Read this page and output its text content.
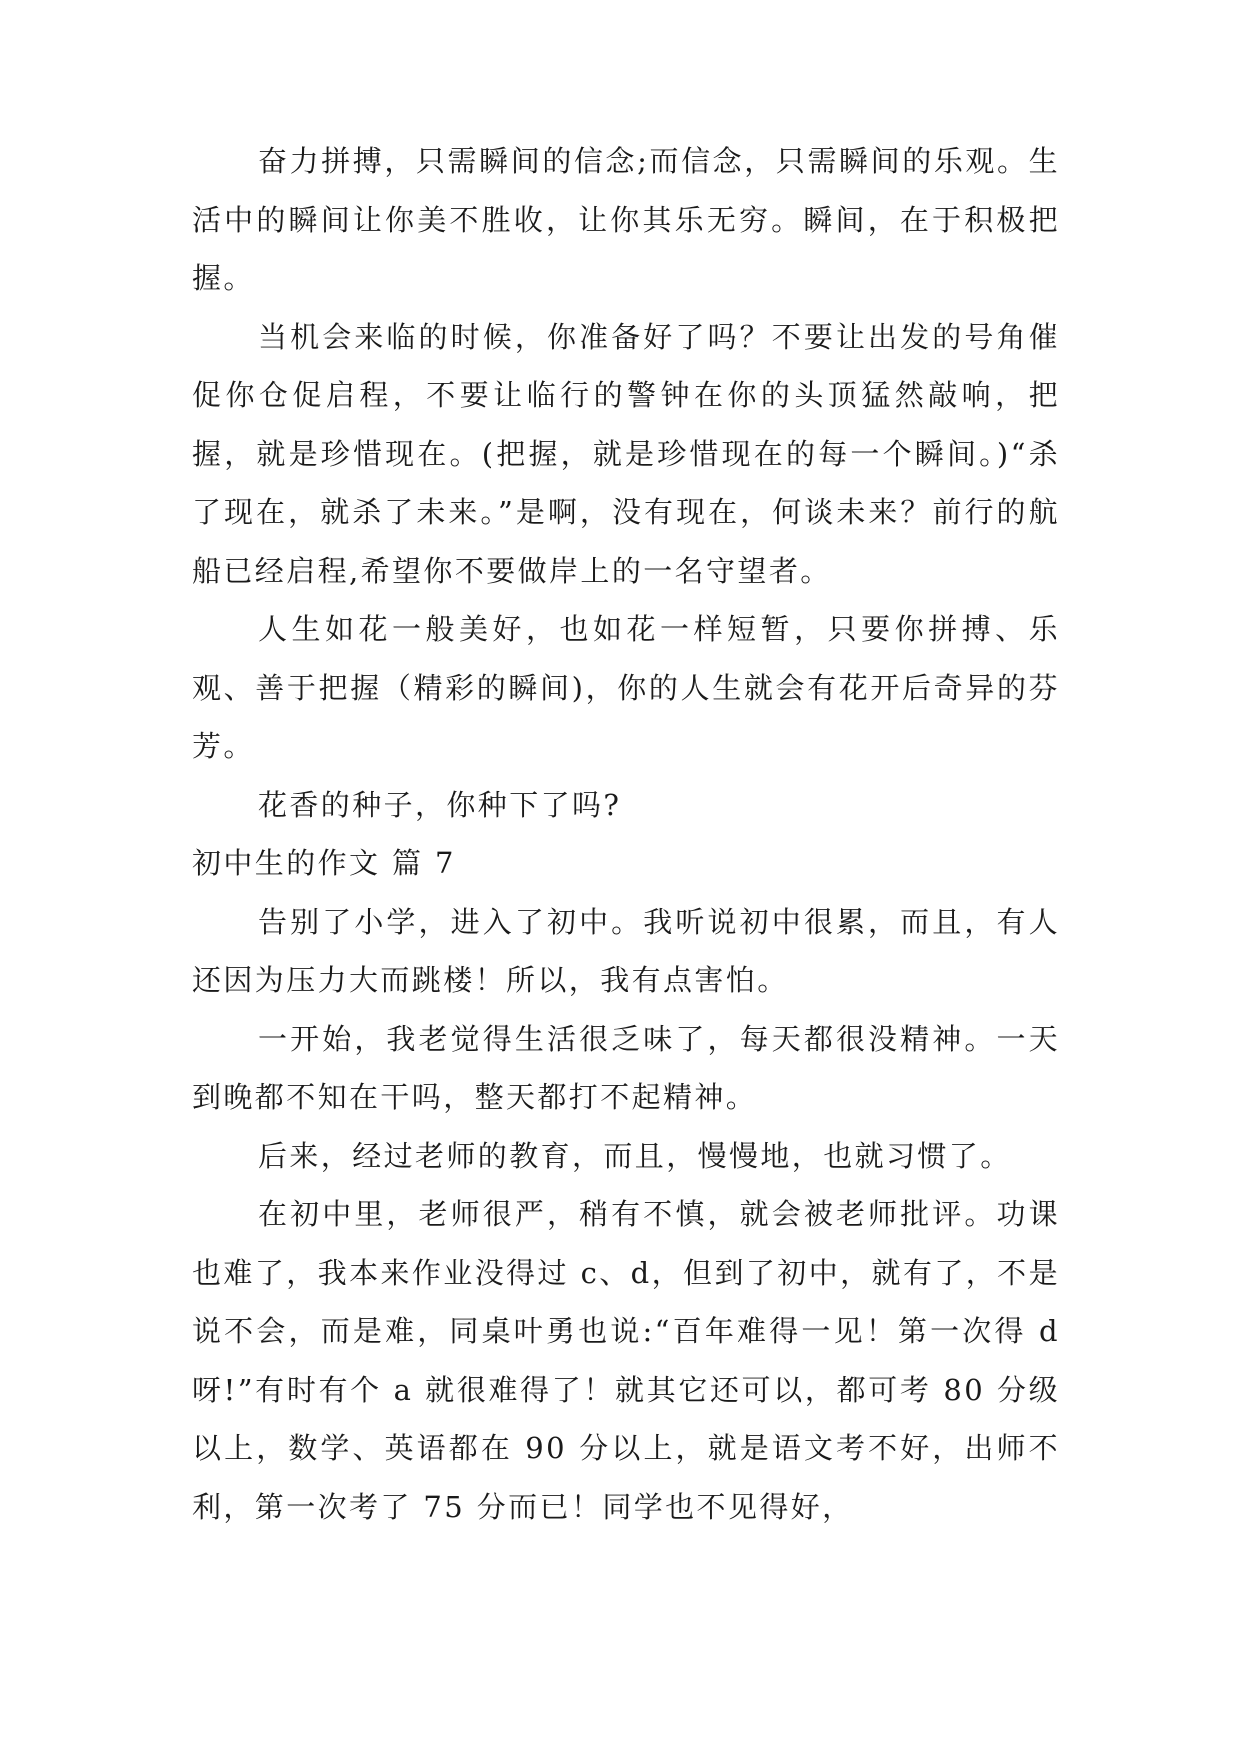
奋力拼搏，只需瞬间的信念;而信念，只需瞬间的乐观。生活中的瞬间让你美不胜收，让你其乐无穷。瞬间，在于积极把握。

当机会来临的时候，你准备好了吗？不要让出发的号角催促你仓促启程，不要让临行的警钟在你的头顶猛然敲响，把握，就是珍惜现在。(把握，就是珍惜现在的每一个瞬间。)“杀了现在，就杀了未来。”是啊，没有现在，何谈未来？前行的航船已经启程,希望你不要做岸上的一名守望者。

人生如花一般美好，也如花一样短暂，只要你拼搏、乐观、善于把握（精彩的瞬间)，你的人生就会有花开后奇异的芬芳。

花香的种子，你种下了吗?

初中生的作文 篇 7

告别了小学，进入了初中。我听说初中很累，而且，有人还因为压力大而跳楼！所以，我有点害怕。

一开始，我老觉得生活很乏味了，每天都很没精神。一天到晚都不知在干吗，整天都打不起精神。

后来，经过老师的教育，而且，慢慢地，也就习惯了。

在初中里，老师很严，稍有不慎，就会被老师批评。功课也难了，我本来作业没得过 c、d，但到了初中，就有了，不是说不会，而是难，同桌叶勇也说:“百年难得一见！第一次得 d 呀!”有时有个 a 就很难得了！就其它还可以，都可考 80 分级以上，数学、英语都在 90 分以上，就是语文考不好，出师不利，第一次考了 75 分而已！同学也不见得好，
